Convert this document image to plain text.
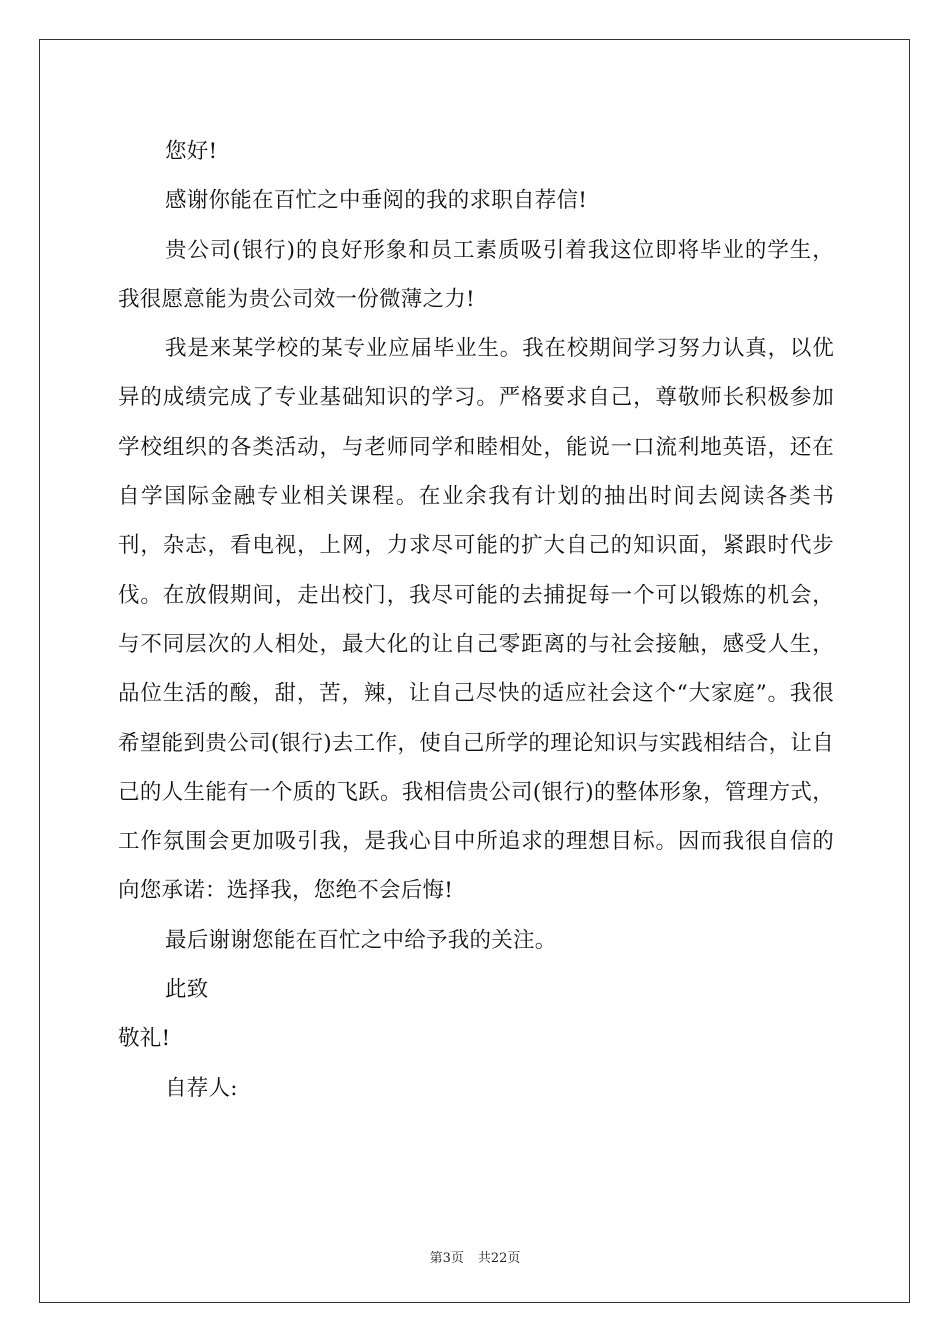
您好!

感谢你能在百忙之中垂阅的我的求职自荐信!

贵公司(银行)的良好形象和员工素质吸引着我这位即将毕业的学生，我很愿意能为贵公司效一份微薄之力!

我是来某学校的某专业应届毕业生。我在校期间学习努力认真，以优异的成绩完成了专业基础知识的学习。严格要求自己，尊敬师长积极参加学校组织的各类活动，与老师同学和睦相处，能说一口流利地英语，还在自学国际金融专业相关课程。在业余我有计划的抽出时间去阅读各类书刊，杂志，看电视，上网，力求尽可能的扩大自己的知识面，紧跟时代步伐。在放假期间，走出校门，我尽可能的去捕捉每一个可以锻炼的机会，与不同层次的人相处，最大化的让自己零距离的与社会接触，感受人生，品位生活的酸，甜，苦，辣，让自己尽快的适应社会这个“大家庭”。我很希望能到贵公司(银行)去工作，使自己所学的理论知识与实践相结合，让自己的人生能有一个质的飞跃。我相信贵公司(银行)的整体形象，管理方式，工作氛围会更加吸引我，是我心目中所追求的理想目标。因而我很自信的向您承诺：选择我，您绝不会后悔!

最后谢谢您能在百忙之中给予我的关注。

此致

敬礼!

自荐人:

第3页 共22页
